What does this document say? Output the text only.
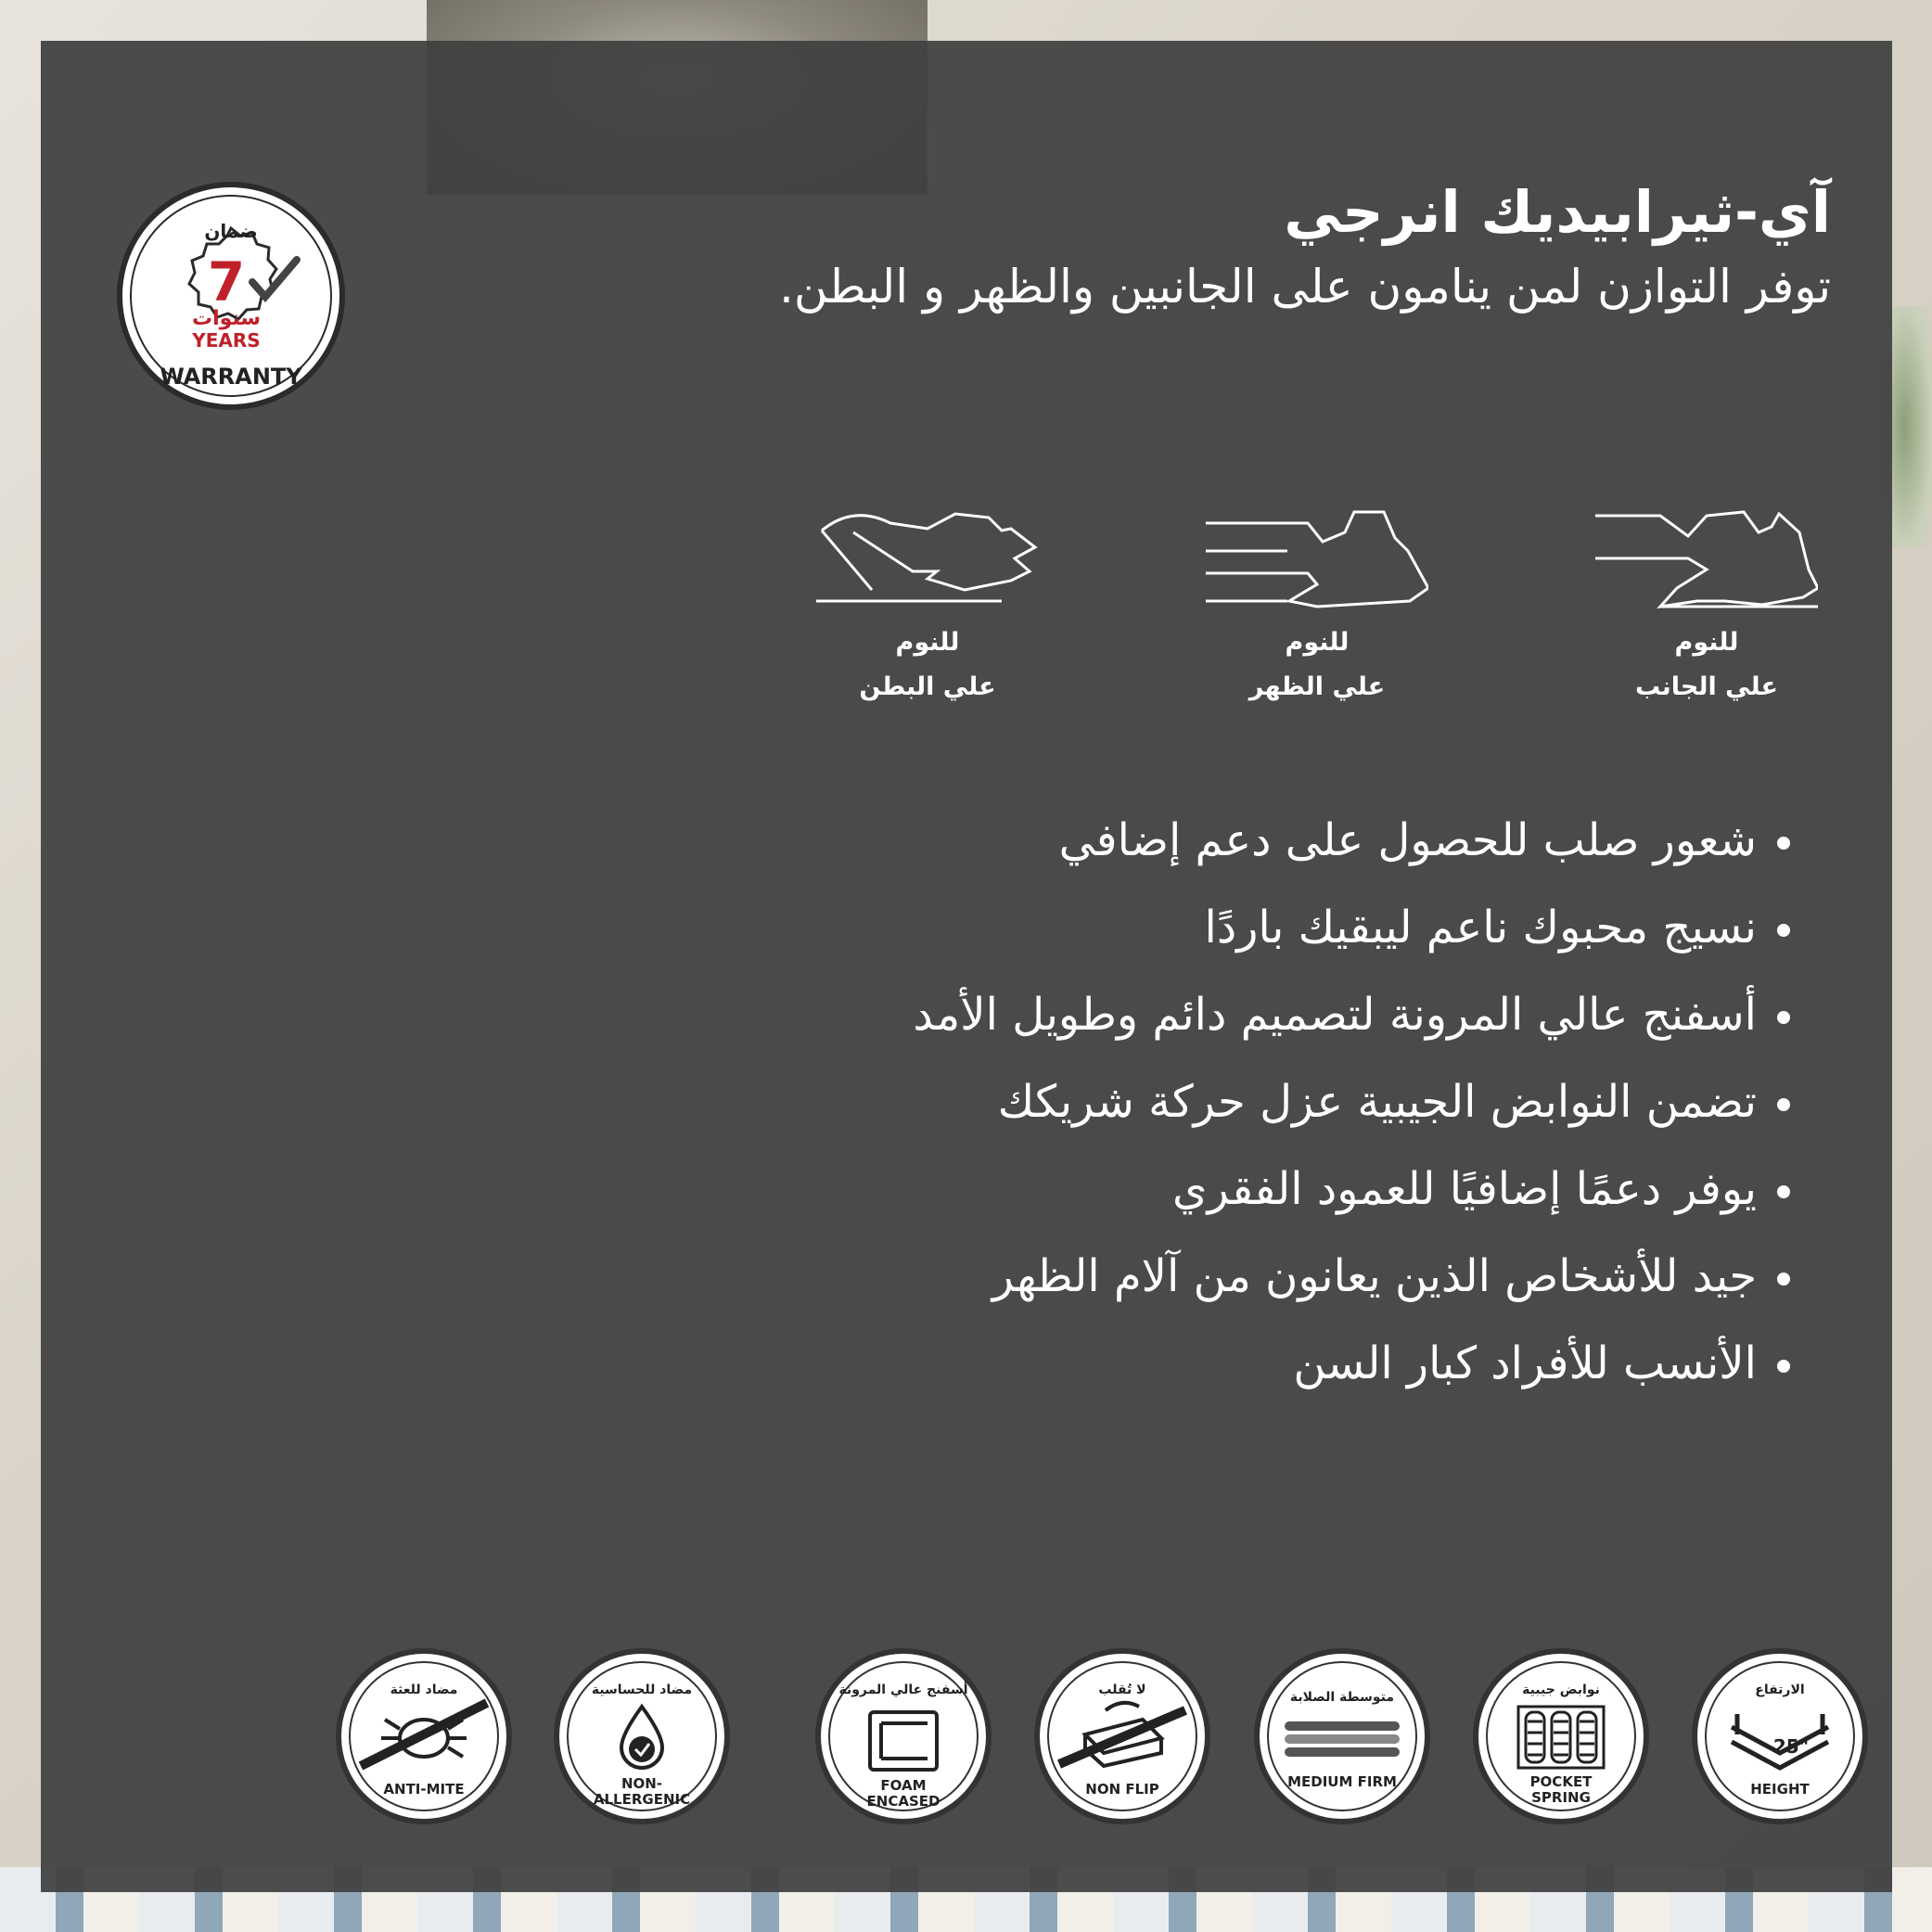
ضمان
7
سنوات
YEARS
WARRANTY
آي-ثيرابيديك انرجي
توفر التوازن لمن ينامون على الجانبين والظهر و البطن.
للنوم
علي الجانب
للنوم
علي الظهر
للنوم
علي البطن
شعور صلب للحصول على دعم إضافي
نسيج محبوك ناعم ليبقيك باردًا
أسفنج عالي المرونة لتصميم دائم وطويل الأمد
تضمن النوابض الجيبية عزل حركة شريكك
يوفر دعمًا إضافيًا للعمود الفقري
جيد للأشخاص الذين يعانون من آلام الظهر
الأنسب للأفراد كبار السن
مضاد للعثة
ANTI-MITE
مضاد للحساسية
NON-
ALLERGENIC
أسفنج عالي المرونة
FOAM
ENCASED
لا تُقلب
NON FLIP
متوسطة الصلابة
MEDIUM FIRM
نوابض جيبية
POCKET
SPRING
الارتفاع
25"
HEIGHT
